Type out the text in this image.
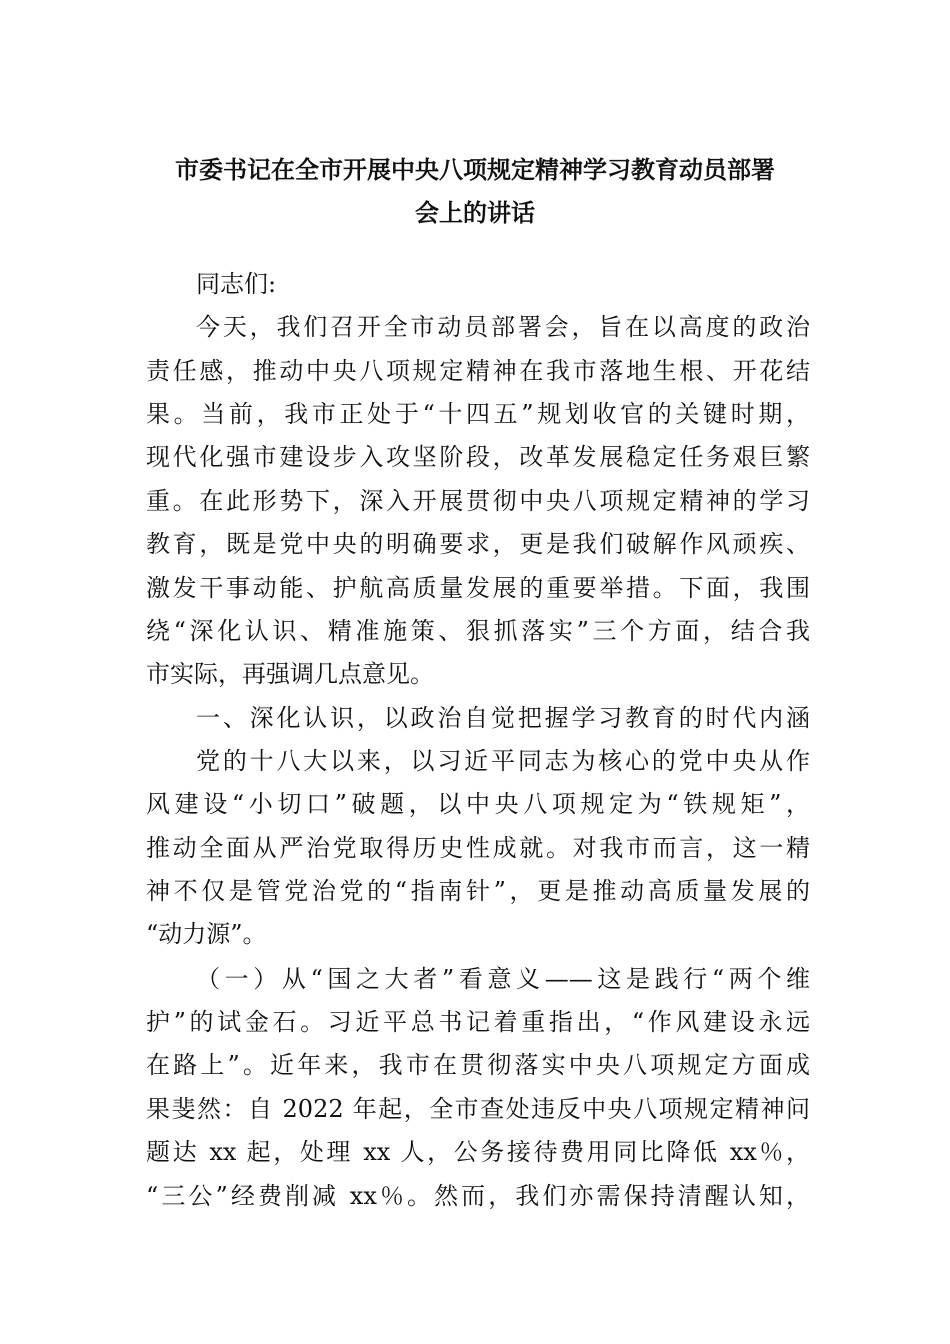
市委书记在全市开展中央八项规定精神学习教育动员部署
会上的讲话
同志们:
今天，我们召开全市动员部署会，旨在以高度的政治
责任感，推动中央八项规定精神在我市落地生根、开花结
果。当前，我市正处于“十四五”规划收官的关键时期，
现代化强市建设步入攻坚阶段，改革发展稳定任务艰巨繁
重。在此形势下，深入开展贯彻中央八项规定精神的学习
教育，既是党中央的明确要求，更是我们破解作风顽疾、
激发干事动能、护航高质量发展的重要举措。下面，我围
绕“深化认识、精准施策、狠抓落实”三个方面，结合我
市实际，再强调几点意见。
一、深化认识，以政治自觉把握学习教育的时代内涵
党的十八大以来，以习近平同志为核心的党中央从作
风建设“小切口”破题，以中央八项规定为“铁规矩”，
推动全面从严治党取得历史性成就。对我市而言，这一精
神不仅是管党治党的“指南针”，更是推动高质量发展的
“动力源”。
（一）从“国之大者”看意义——这是践行“两个维
护”的试金石。习近平总书记着重指出，“作风建设永远
在路上”。近年来，我市在贯彻落实中央八项规定方面成
果斐然：自 2022 年起，全市查处违反中央八项规定精神问
题达 xx 起，处理 xx 人，公务接待费用同比降低 xx％，
“三公”经费削减 xx％。然而，我们亦需保持清醒认知，
